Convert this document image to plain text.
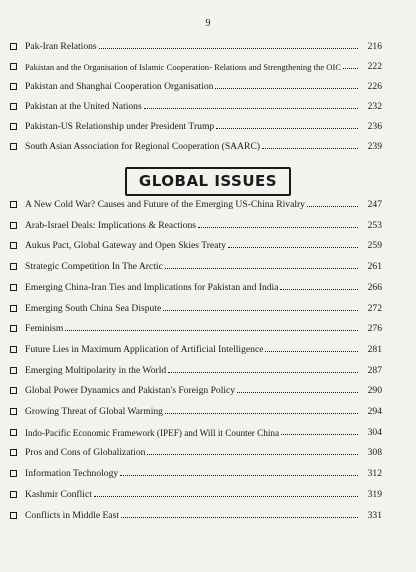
9
Pak-Iran Relations	216
Pakistan and the Organisation of Islamic Cooperation- Relations and Strengthening the OIC	222
Pakistan and Shanghai Cooperation Organisation	226
Pakistan at the United Nations	232
Pakistan-US Relationship under President Trump	236
South Asian Association for Regional Cooperation (SAARC)	239
GLOBAL ISSUES
A New Cold War? Causes and Future of the Emerging US-China Rivalry	247
Arab-Israel Deals: Implications & Reactions	253
Aukus Pact, Global Gateway and Open Skies Treaty	259
Strategic Competition In The Arctic	261
Emerging China-Iran Ties and Implications for Pakistan and India	266
Emerging South China Sea Dispute	272
Feminism	276
Future Lies in Maximum Application of Artificial Intelligence	281
Emerging Multipolarity in the World	287
Global Power Dynamics and Pakistan's Foreign Policy	290
Growing Threat of Global Warming	294
Indo-Pacific Economic Framework (IPEF) and Will it Counter China	304
Pros and Cons of Globalization	308
Information Technology	312
Kashmir Conflict	319
Conflicts in Middle East	331
